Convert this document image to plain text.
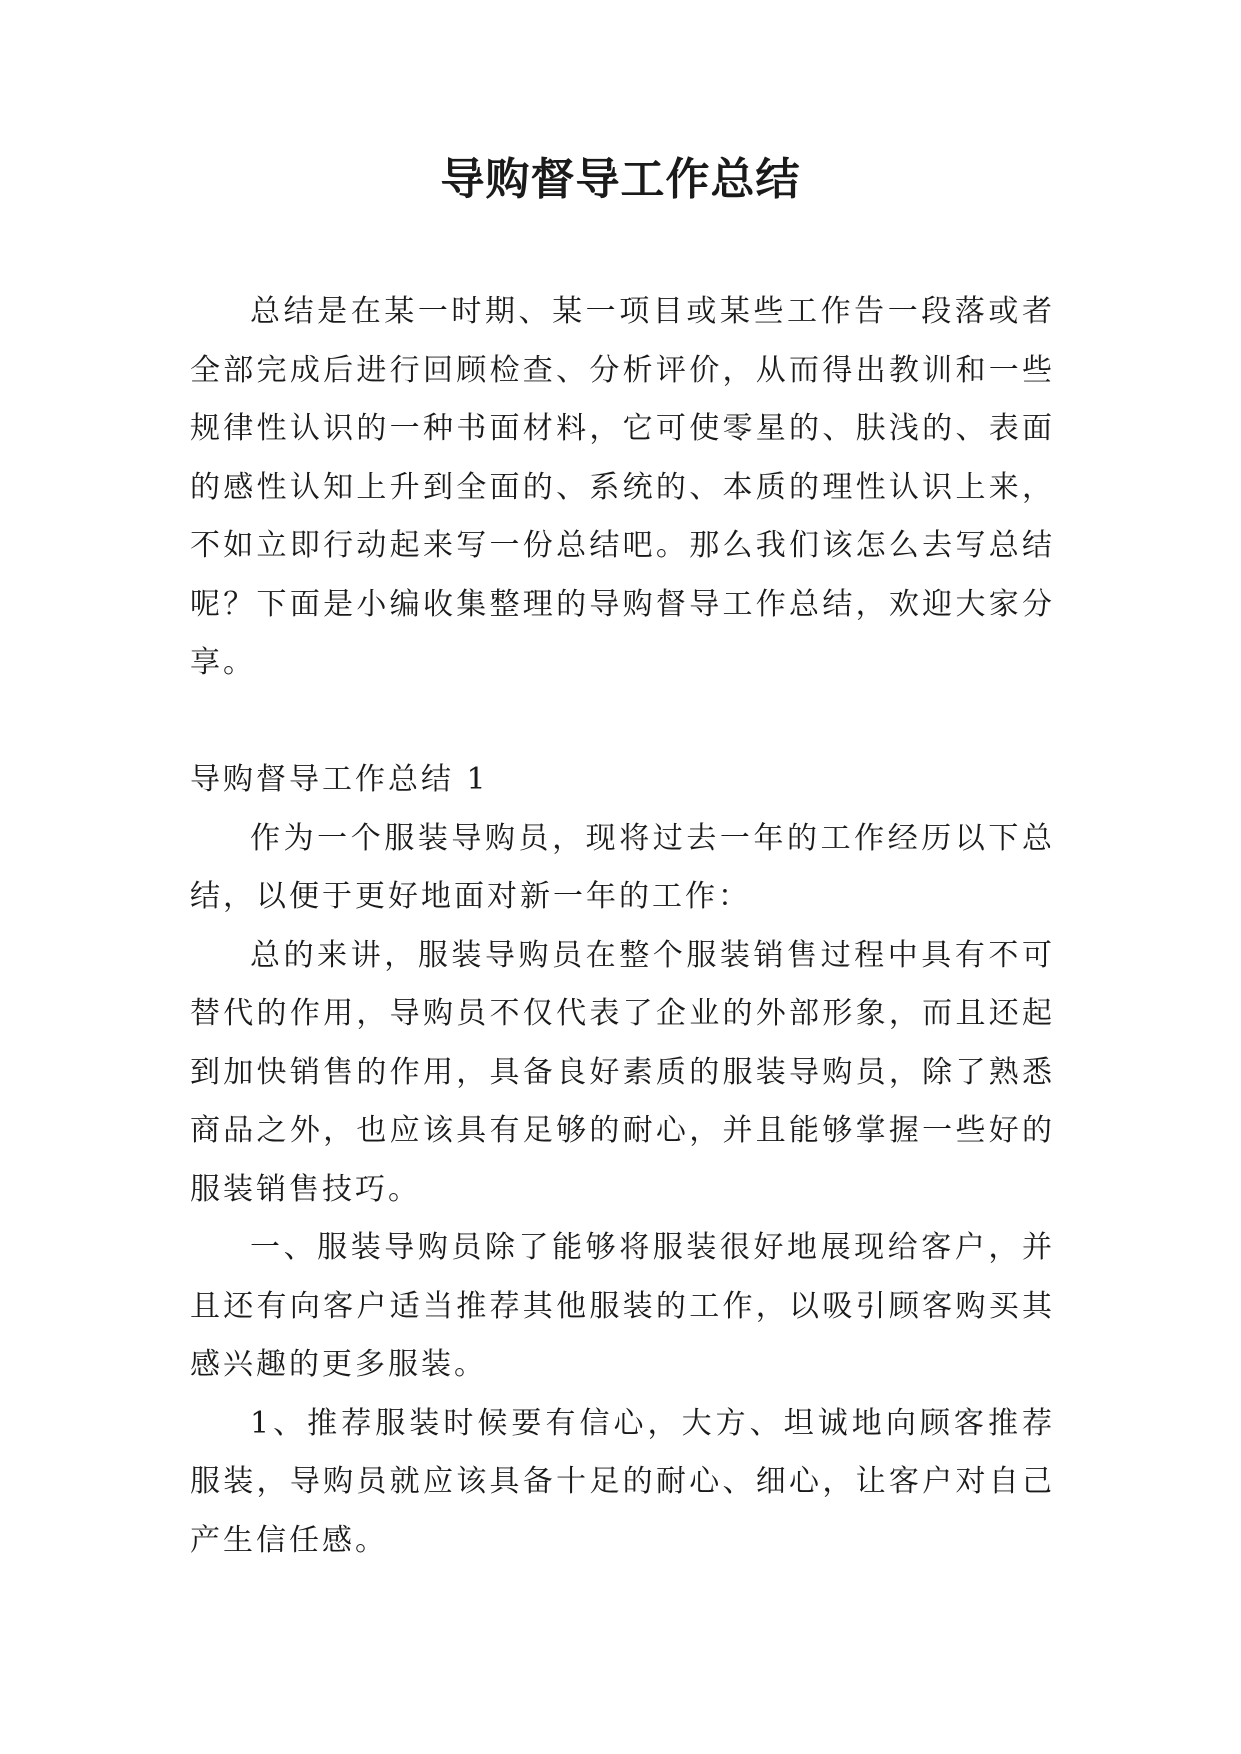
导购督导工作总结

总结是在某一时期、某一项目或某些工作告一段落或者全部完成后进行回顾检查、分析评价，从而得出教训和一些规律性认识的一种书面材料，它可使零星的、肤浅的、表面的感性认知上升到全面的、系统的、本质的理性认识上来，不如立即行动起来写一份总结吧。那么我们该怎么去写总结呢？下面是小编收集整理的导购督导工作总结，欢迎大家分享。

导购督导工作总结 1

作为一个服装导购员，现将过去一年的工作经历以下总结，以便于更好地面对新一年的工作：

总的来讲，服装导购员在整个服装销售过程中具有不可替代的作用，导购员不仅代表了企业的外部形象，而且还起到加快销售的作用，具备良好素质的服装导购员，除了熟悉商品之外，也应该具有足够的耐心，并且能够掌握一些好的服装销售技巧。

一、服装导购员除了能够将服装很好地展现给客户，并且还有向客户适当推荐其他服装的工作，以吸引顾客购买其感兴趣的更多服装。

1、推荐服装时候要有信心，大方、坦诚地向顾客推荐服装，导购员就应该具备十足的耐心、细心，让客户对自己产生信任感。
